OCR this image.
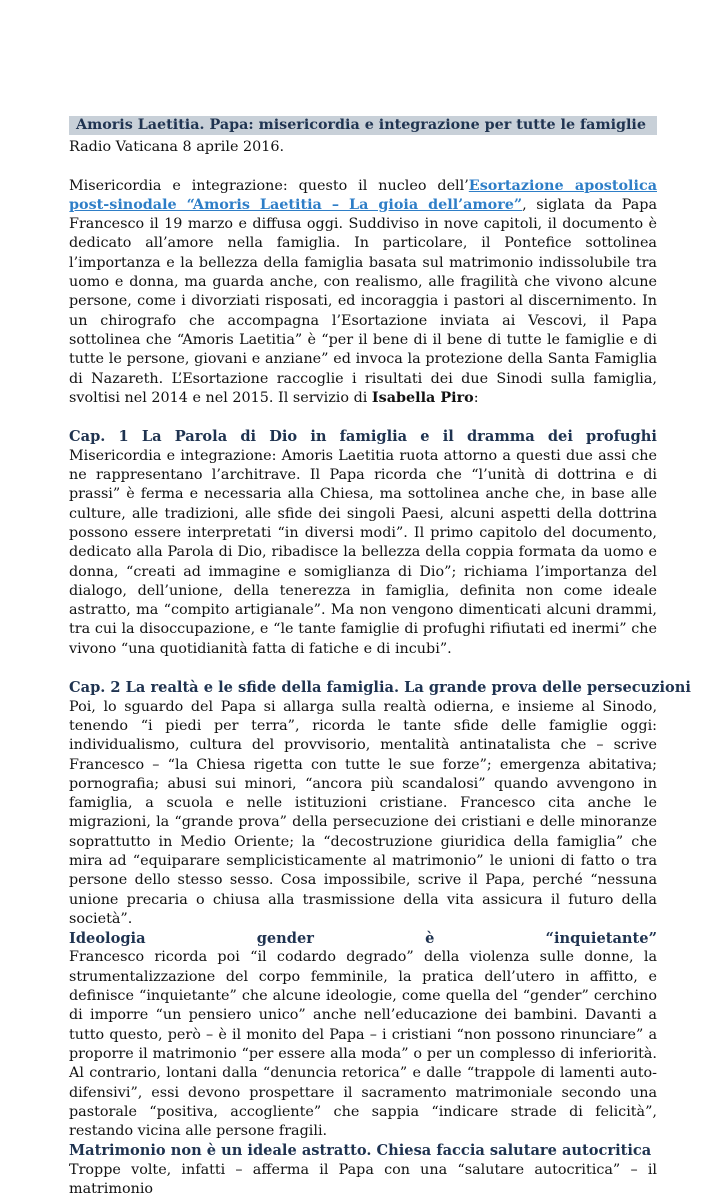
Amoris Laetitia. Papa: misericordia e integrazione per tutte le famiglie

Radio Vaticana 8 aprile 2016.

Misericordia e integrazione: questo il nucleo dell’Esortazione apostolica post-sinodale “Amoris Laetitia – La gioia dell’amore”, siglata da Papa Francesco il 19 marzo e diffusa oggi. Suddiviso in nove capitoli, il documento è dedicato all’amore nella famiglia. In particolare, il Pontefice sottolinea l’importanza e la bellezza della famiglia basata sul matrimonio indissolubile tra uomo e donna, ma guarda anche, con realismo, alle fragilità che vivono alcune persone, come i divorziati risposati, ed incoraggia i pastori al discernimento. In un chirografo che accompagna l’Esortazione inviata ai Vescovi, il Papa sottolinea che “Amoris Laetitia” è “per il bene di il bene di tutte le famiglie e di tutte le persone, giovani e anziane” ed invoca la protezione della Santa Famiglia di Nazareth. L’Esortazione raccoglie i risultati dei due Sinodi sulla famiglia, svoltisi nel 2014 e nel 2015. Il servizio di Isabella Piro:

Cap. 1 La Parola di Dio in famiglia e il dramma dei profughi

Misericordia e integrazione: Amoris Laetitia ruota attorno a questi due assi che ne rappresentano l’architrave. Il Papa ricorda che “l’unità di dottrina e di prassi” è ferma e necessaria alla Chiesa, ma sottolinea anche che, in base alle culture, alle tradizioni, alle sfide dei singoli Paesi, alcuni aspetti della dottrina possono essere interpretati “in diversi modi”. Il primo capitolo del documento, dedicato alla Parola di Dio, ribadisce la bellezza della coppia formata da uomo e donna, “creati ad immagine e somiglianza di Dio”; richiama l’importanza del dialogo, dell’unione, della tenerezza in famiglia, definita non come ideale astratto, ma “compito artigianale”. Ma non vengono dimenticati alcuni drammi, tra cui la disoccupazione, e “le tante famiglie di profughi rifiutati ed inermi” che vivono “una quotidianità fatta di fatiche e di incubi”.

Cap. 2 La realtà e le sfide della famiglia. La grande prova delle persecuzioni

Poi, lo sguardo del Papa si allarga sulla realtà odierna, e insieme al Sinodo, tenendo “i piedi per terra”, ricorda le tante sfide delle famiglie oggi: individualismo, cultura del provvisorio, mentalità antinatalista che – scrive Francesco – “la Chiesa rigetta con tutte le sue forze”; emergenza abitativa; pornografia; abusi sui minori, “ancora più scandalosi” quando avvengono in famiglia, a scuola e nelle istituzioni cristiane. Francesco cita anche le migrazioni, la “grande prova” della persecuzione dei cristiani e delle minoranze soprattutto in Medio Oriente; la “decostruzione giuridica della famiglia” che mira ad “equiparare semplicisticamente al matrimonio” le unioni di fatto o tra persone dello stesso sesso. Cosa impossibile, scrive il Papa, perché “nessuna unione precaria o chiusa alla trasmissione della vita assicura il futuro della società”.

Ideologia	gender	è	“inquietante”

Francesco ricorda poi “il codardo degrado” della violenza sulle donne, la strumentalizzazione del corpo femminile, la pratica dell’utero in affitto, e definisce “inquietante” che alcune ideologie, come quella del “gender” cerchino di imporre “un pensiero unico” anche nell’educazione dei bambini. Davanti a tutto questo, però – è il monito del Papa – i cristiani “non possono rinunciare” a proporre il matrimonio “per essere alla moda” o per un complesso di inferiorità. Al contrario, lontani dalla “denuncia retorica” e dalle “trappole di lamenti auto-difensivi”, essi devono prospettare il sacramento matrimoniale secondo una pastorale “positiva, accogliente” che sappia “indicare strade di felicità”, restando vicina alle persone fragili.

Matrimonio non è un ideale astratto. Chiesa faccia salutare autocritica

Troppe volte, infatti – afferma il Papa con una “salutare autocritica” – il matrimonio
